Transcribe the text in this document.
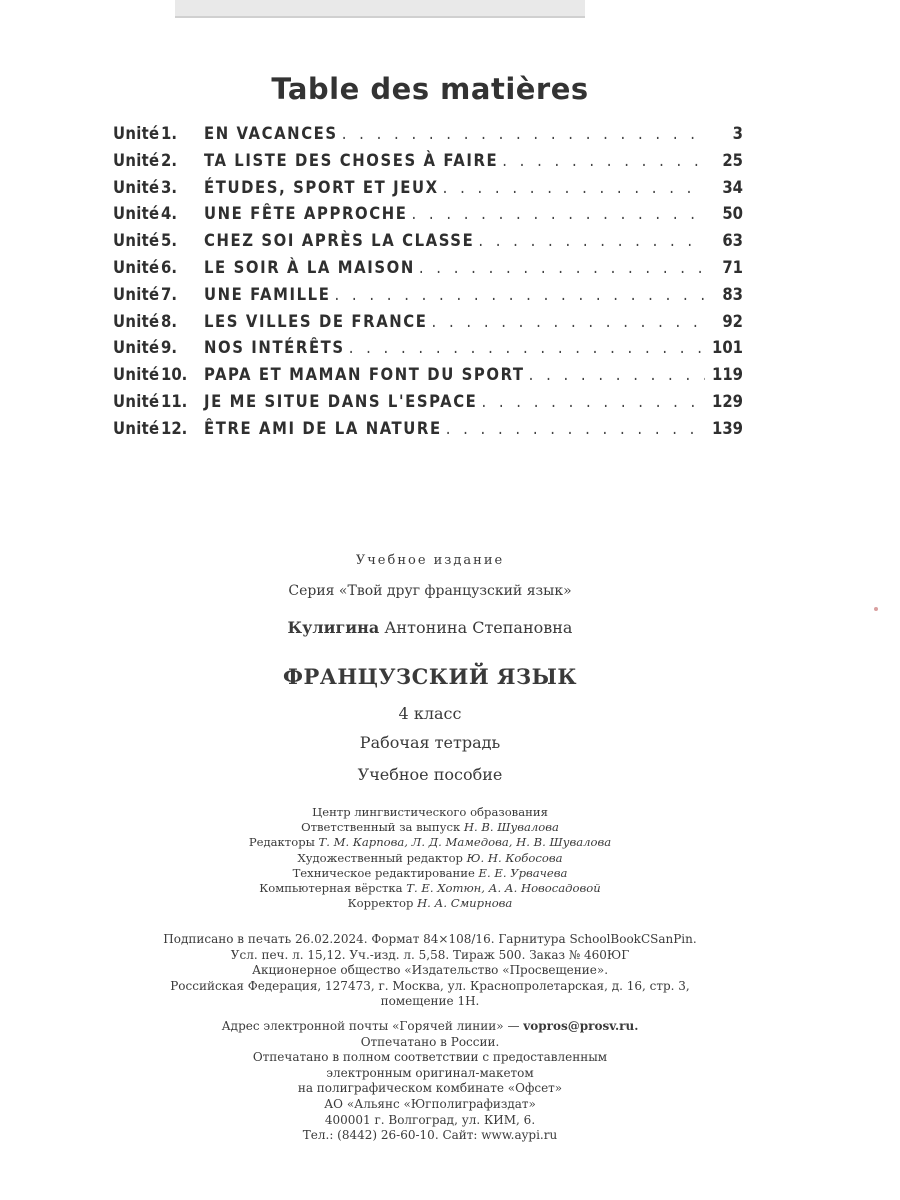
Table des matières
Unité 1.	EN VACANCES . . .	3
Unité 2.	TA LISTE DES CHOSES À FAIRE . . .	25
Unité 3.	ÉTUDES, SPORT ET JEUX . . .	34
Unité 4.	UNE FÊTE APPROCHE . . .	50
Unité 5.	CHEZ SOI APRÈS LA CLASSE . . .	63
Unité 6.	LE SOIR À LA MAISON . . .	71
Unité 7.	UNE FAMILLE . . .	83
Unité 8.	LES VILLES DE FRANCE . . .	92
Unité 9.	NOS INTÉRÊTS . . .	101
Unité 10.	PAPA ET MAMAN FONT DU SPORT . . .	119
Unité 11.	JE ME SITUE DANS L'ESPACE . . .	129
Unité 12.	ÊTRE AMI DE LA NATURE . . .	139
Учебное издание
Серия «Твой друг французский язык»
Кулигина Антонина Степановна
ФРАНЦУЗСКИЙ ЯЗЫК
4 класс
Рабочая тетрадь
Учебное пособие
Центр лингвистического образования
Ответственный за выпуск Н. В. Шувалова
Редакторы Т. М. Карпова, Л. Д. Мамедова, Н. В. Шувалова
Художественный редактор Ю. Н. Кобосова
Техническое редактирование Е. Е. Урвачева
Компьютерная вёрстка Т. Е. Хотюн, А. А. Новосадовой
Корректор Н. А. Смирнова
Подписано в печать 26.02.2024. Формат 84×108/16. Гарнитура SchoolBookCSanPin.
Усл. печ. л. 15,12. Уч.-изд. л. 5,58. Тираж 500. Заказ № 460ЮГ
Акционерное общество «Издательство «Просвещение».
Российская Федерация, 127473, г. Москва, ул. Краснопролетарская, д. 16, стр. 3,
помещение 1Н.
Адрес электронной почты «Горячей линии» — vopros@prosv.ru.
Отпечатано в России.
Отпечатано в полном соответствии с предоставленным
электронным оригинал-макетом
на полиграфическом комбинате «Офсет»
АО «Альянс «Югполиграфиздат»
400001 г. Волгоград, ул. КИМ, 6.
Тел.: (8442) 26-60-10. Сайт: www.aypi.ru
